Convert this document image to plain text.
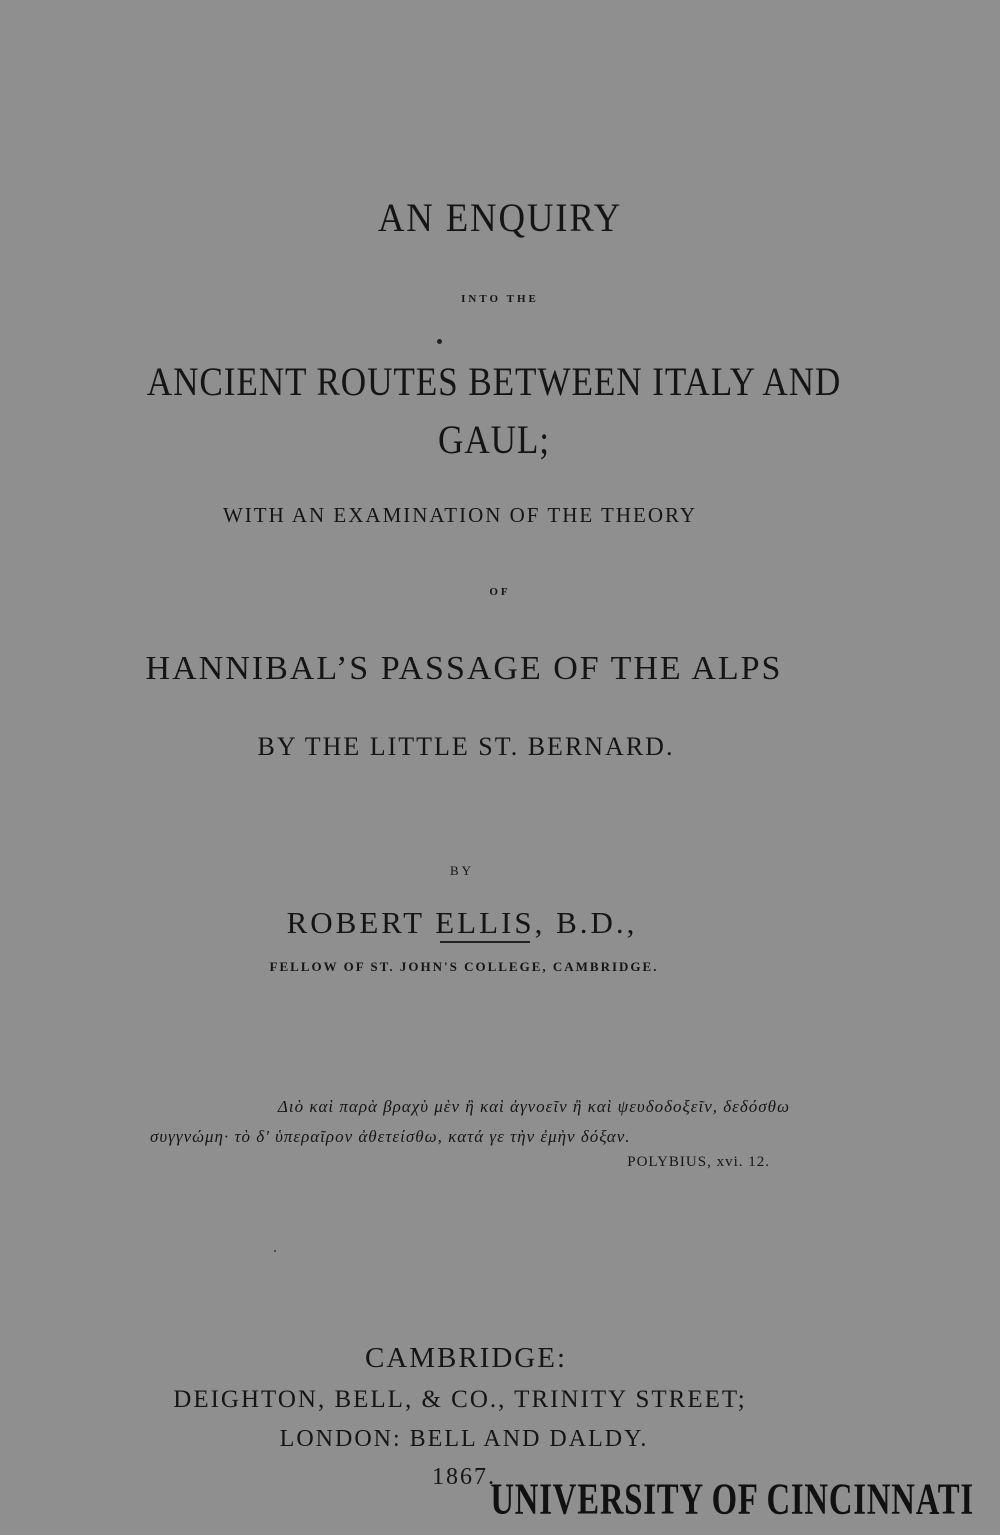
AN ENQUIRY
INTO THE
ANCIENT ROUTES BETWEEN ITALY AND
GAUL;
WITH AN EXAMINATION OF THE THEORY
OF
HANNIBAL’S PASSAGE OF THE ALPS
BY THE LITTLE ST. BERNARD.
BY
ROBERT ELLIS, B.D.,
FELLOW OF ST. JOHN'S COLLEGE, CAMBRIDGE.
Διὸ καὶ παρὰ βραχὺ μὲν ἢ καὶ ἀγνοεῖν ἢ καὶ ψευδοδοξεῖν, δεδόσθω
συγγνώμη· τὸ δ' ὑπεραῖρον ἀθετείσθω, κατά γε τὴν ἐμὴν δόξαν.
POLYBIUS, xvi. 12.
CAMBRIDGE:
DEIGHTON, BELL, & CO., TRINITY STREET;
LONDON: BELL AND DALDY.
1867.
UNIVERSITY OF CINCINNATI
